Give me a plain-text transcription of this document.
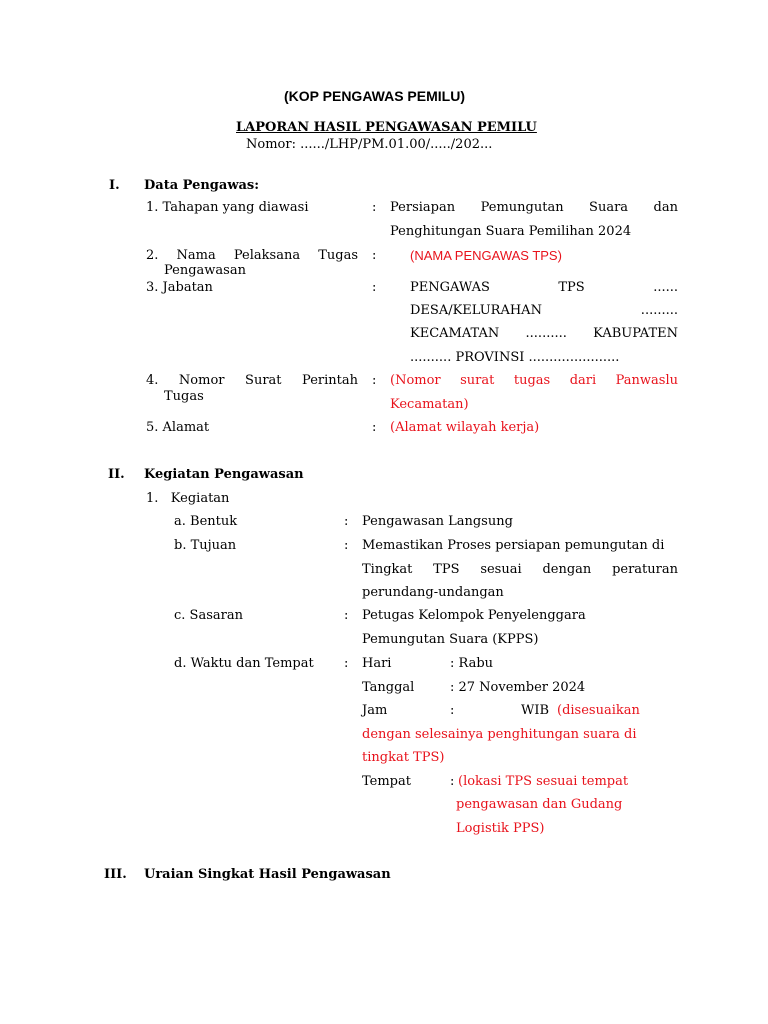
(KOP PENGAWAS PEMILU)
LAPORAN HASIL PENGAWASAN PEMILU
Nomor: ....../LHP/PM.01.00/...../202...
I. Data Pengawas:
1. Tahapan yang diawasi	: Persiapan Pemungutan Suara dan
Penghitungan Suara Pemilihan 2024
2. Nama Pelaksana Tugas
Pengawasan
:	(NAMA PENGAWAS TPS)
3. Jabatan	:	PENGAWAS TPS ......
DESA/KELURAHAN .........
KECAMATAN .......... KABUPATEN
.......... PROVINSI ......................
4. Nomor Surat Perintah
Tugas
: (Nomor surat tugas dari Panwaslu
Kecamatan)
5. Alamat	: (Alamat wilayah kerja)
II. Kegiatan Pengawasan
1.   Kegiatan
a. Bentuk	: Pengawasan Langsung
b. Tujuan	: Memastikan Proses persiapan pemungutan di
Tingkat TPS sesuai dengan peraturan
perundang-undangan
c. Sasaran	: Petugas Kelompok Penyelenggara
Pemungutan Suara (KPPS)
d. Waktu dan Tempat : Hari	: Rabu
Tanggal	: 27 November 2024
Jam	:	WIB (disesuaikan
dengan selesainya penghitungan suara di
tingkat TPS)
Tempat	: (lokasi TPS sesuai tempat
pengawasan dan Gudang
Logistik PPS)
III. Uraian Singkat Hasil Pengawasan
